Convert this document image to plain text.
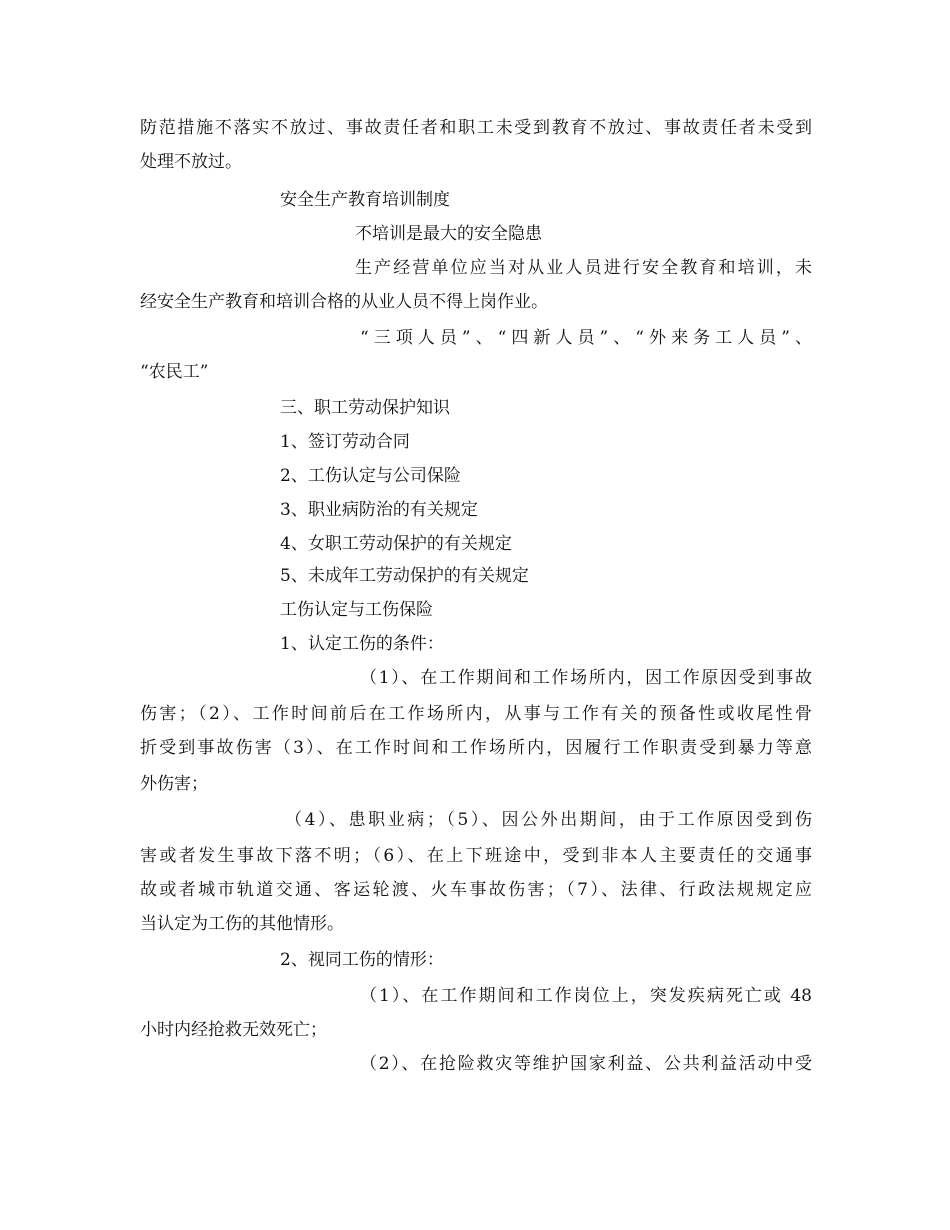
防范措施不落实不放过、事故责任者和职工未受到教育不放过、事故责任者未受到
处理不放过。
安全生产教育培训制度
不培训是最大的安全隐患
生产经营单位应当对从业人员进行安全教育和培训，未
经安全生产教育和培训合格的从业人员不得上岗作业。
“三项人员”、“四新人员”、“外来务工人员”、
“农民工”
三、职工劳动保护知识
1、签订劳动合同
2、工伤认定与公司保险
3、职业病防治的有关规定
4、女职工劳动保护的有关规定
5、未成年工劳动保护的有关规定
工伤认定与工伤保险
1、认定工伤的条件：
（1）、在工作期间和工作场所内，因工作原因受到事故
伤害；（2）、工作时间前后在工作场所内，从事与工作有关的预备性或收尾性骨
折受到事故伤害（3）、在工作时间和工作场所内，因履行工作职责受到暴力等意
外伤害；
（4）、患职业病；（5）、因公外出期间，由于工作原因受到伤
害或者发生事故下落不明；（6）、在上下班途中，受到非本人主要责任的交通事
故或者城市轨道交通、客运轮渡、火车事故伤害；（7）、法律、行政法规规定应
当认定为工伤的其他情形。
2、视同工伤的情形：
（1）、在工作期间和工作岗位上，突发疾病死亡或 48
小时内经抢救无效死亡；
（2）、在抢险救灾等维护国家利益、公共利益活动中受
